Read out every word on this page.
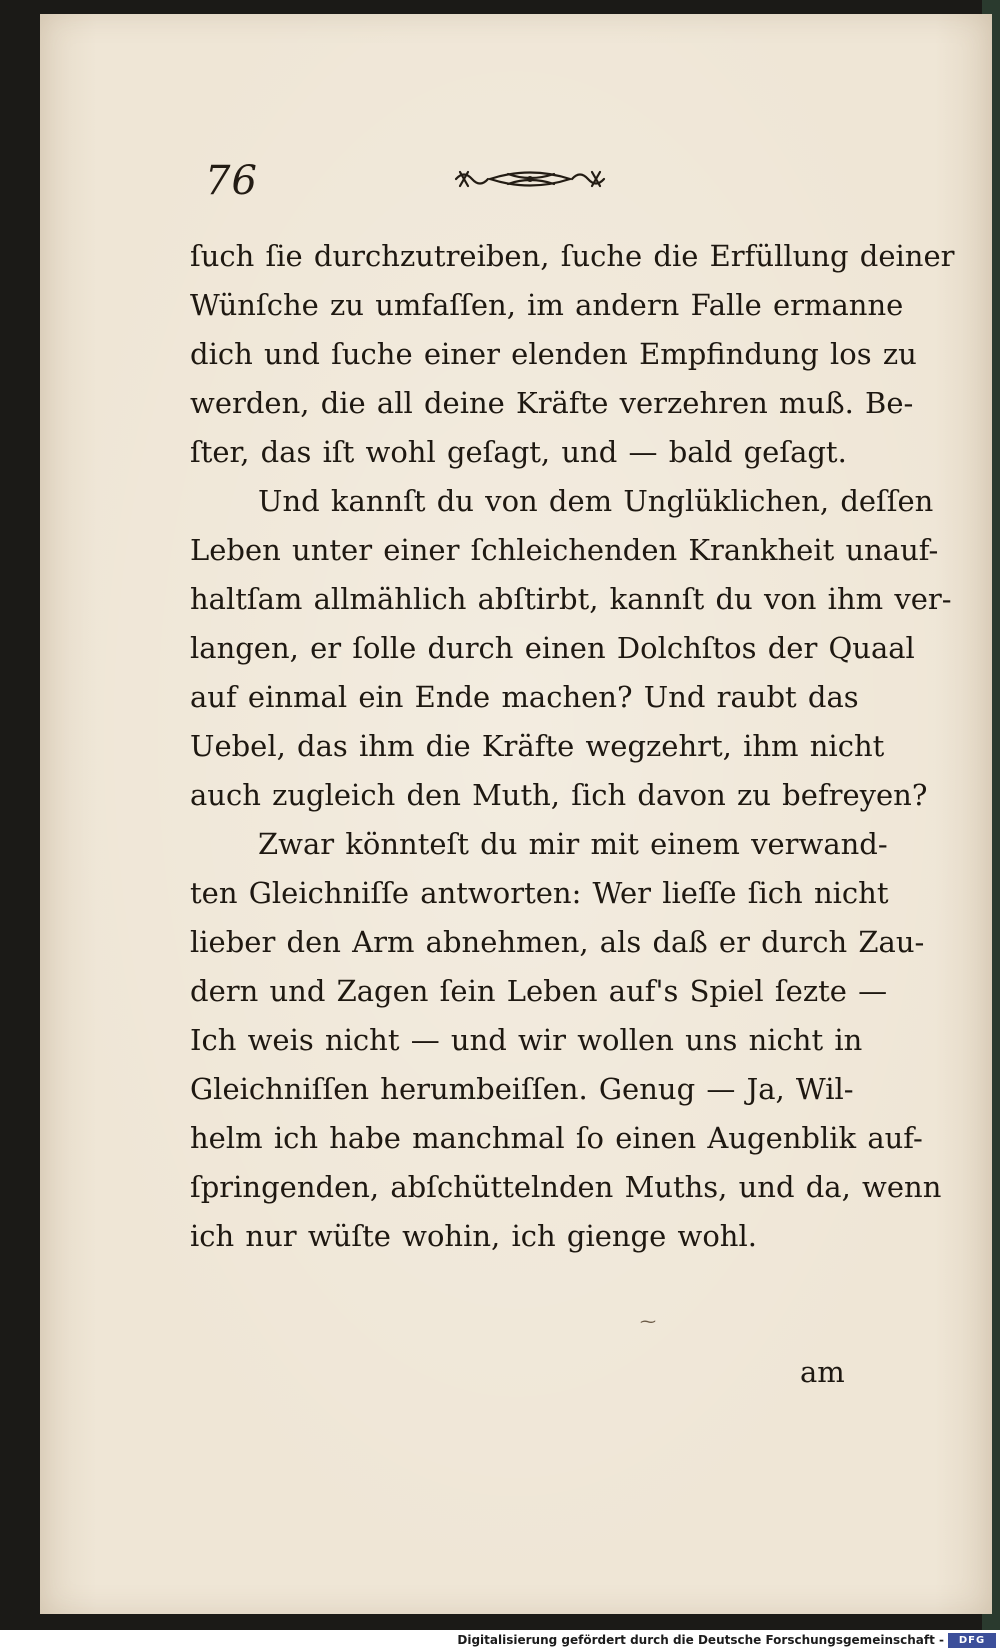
76
ſuch ſie durchzutreiben, ſuche die Erfüllung deiner
Wünſche zu umfaſſen, im andern Falle ermanne
dich und ſuche einer elenden Empfindung los zu
werden, die all deine Kräfte verzehren muß. Be-
ſter, das iſt wohl geſagt, und — bald geſagt.
Und kannſt du von dem Unglüklichen, deſſen
Leben unter einer ſchleichenden Krankheit unauf-
haltſam allmählich abſtirbt, kannſt du von ihm ver-
langen, er ſolle durch einen Dolchſtos der Quaal
auf einmal ein Ende machen? Und raubt das
Uebel, das ihm die Kräfte wegzehrt, ihm nicht
auch zugleich den Muth, ſich davon zu befreyen?
Zwar könnteſt du mir mit einem verwand-
ten Gleichniſſe antworten: Wer lieſſe ſich nicht
lieber den Arm abnehmen, als daß er durch Zau-
dern und Zagen ſein Leben auf's Spiel ſezte —
Ich weis nicht — und wir wollen uns nicht in
Gleichniſſen herumbeiſſen. Genug — Ja, Wil-
helm ich habe manchmal ſo einen Augenblik auf-
ſpringenden, abſchüttelnden Muths, und da, wenn
ich nur wüſte wohin, ich gienge wohl.
⁓
am
Digitalisierung gefördert durch die Deutsche Forschungsgemeinschaft -	DFG
